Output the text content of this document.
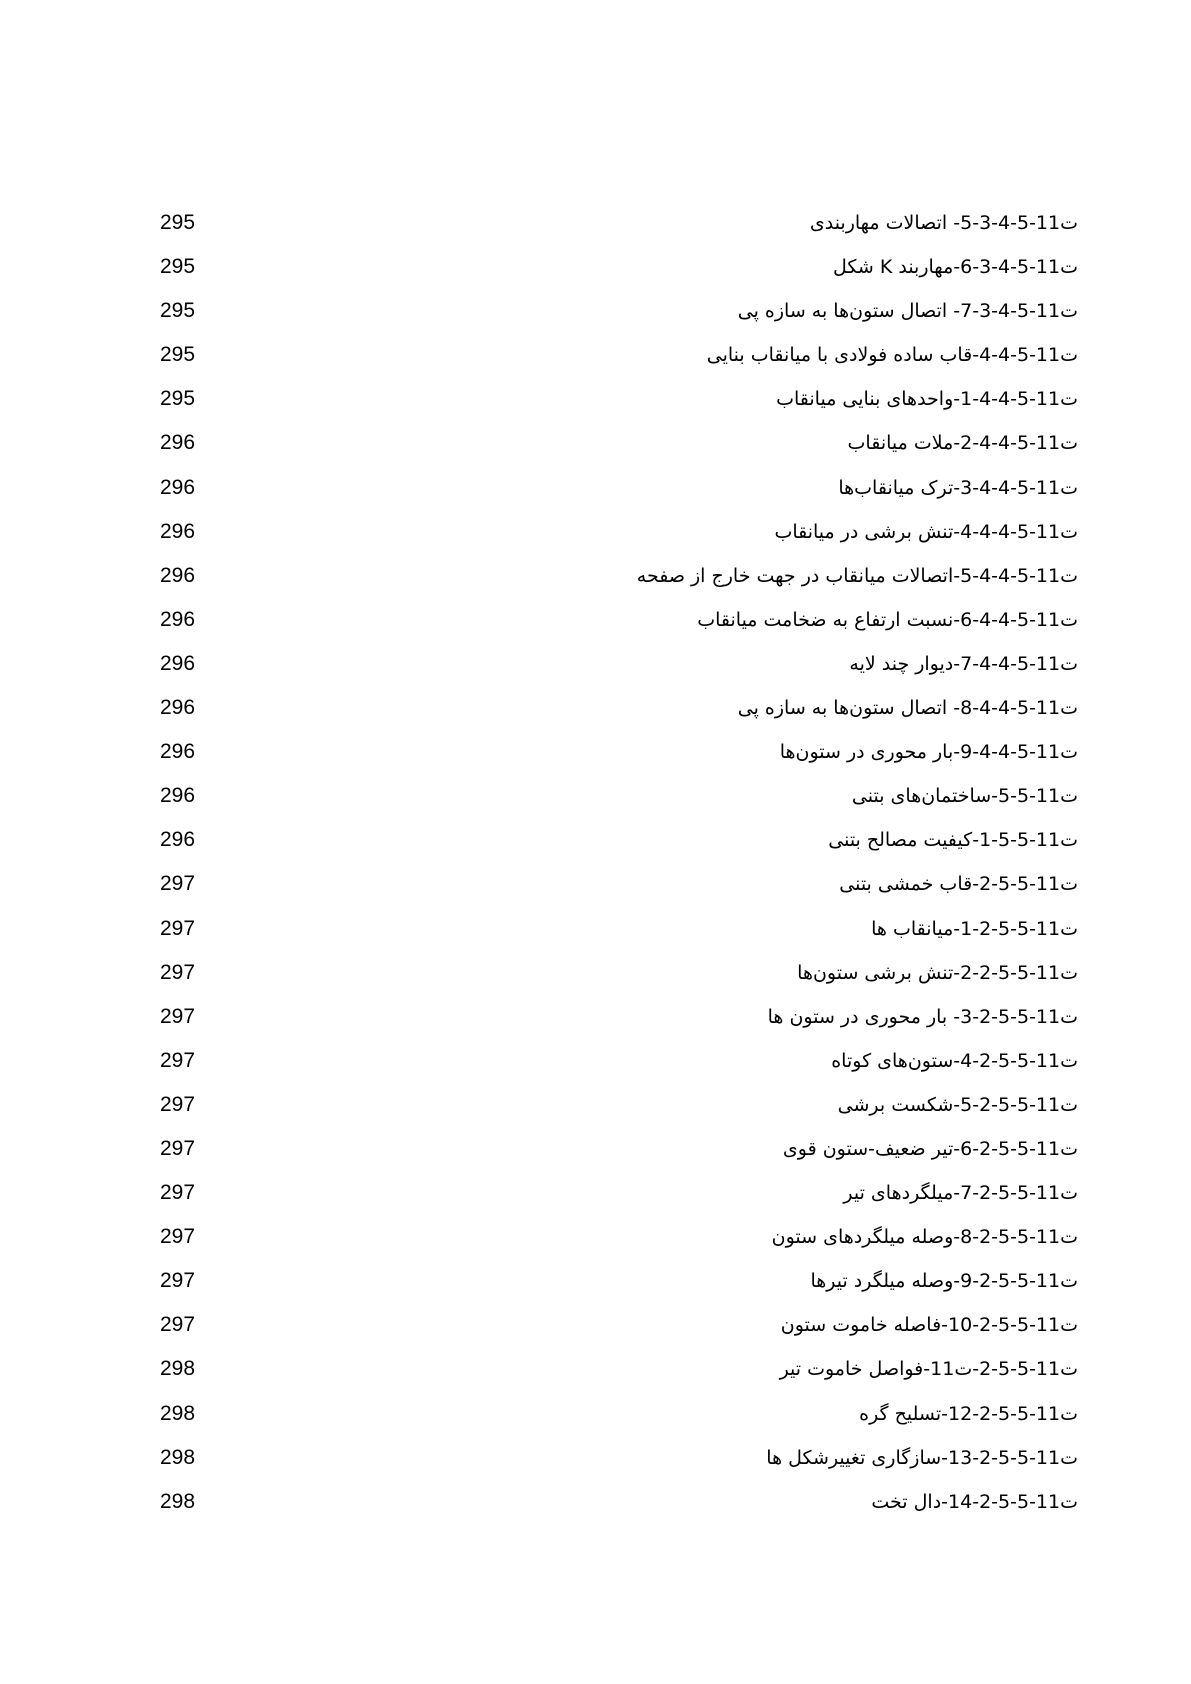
ت11-5-4-3-5- اتصالات مهاربندی
295
ت11-5-4-3-6-مهاربند K شکل
295
ت11-5-4-3-7- اتصال ستون‌ها به سازه پی
295
ت11-5-4-4-قاب ساده فولادی با میانقاب بنایی
295
ت11-5-4-4-1-واحدهای بنایی میانقاب
295
ت11-5-4-4-2-ملات میانقاب
296
ت11-5-4-4-3-ترک میانقاب‌ها
296
ت11-5-4-4-4-تنش برشی در میانقاب
296
ت11-5-4-4-5-اتصالات میانقاب در جهت خارج از صفحه
296
ت11-5-4-4-6-نسبت ارتفاع به ضخامت میانقاب
296
ت11-5-4-4-7-دیوار چند لایه
296
ت11-5-4-4-8- اتصال ستون‌ها به سازه پی
296
ت11-5-4-4-9-بار محوری در ستون‌ها
296
ت11-5-5-ساختمان‌های بتنی
296
ت11-5-5-1-کیفیت مصالح بتنی
296
ت11-5-5-2-قاب خمشی بتنی
297
ت11-5-5-2-1-میانقاب ها
297
ت11-5-5-2-2-تنش برشی ستون‌ها
297
ت11-5-5-2-3- بار محوری در ستون ها
297
ت11-5-5-2-4-ستون‌های کوتاه
297
ت11-5-5-2-5-شکست برشی
297
ت11-5-5-2-6-تیر ضعیف-ستون قوی
297
ت11-5-5-2-7-میلگردهای تیر
297
ت11-5-5-2-8-وصله میلگردهای ستون
297
ت11-5-5-2-9-وصله میلگرد تیرها
297
ت11-5-5-2-10-فاصله خاموت ستون
297
ت11-5-5-2-ت11-فواصل خاموت تیر
298
ت11-5-5-2-12-تسلیح گره
298
ت11-5-5-2-13-سازگاری تغییرشکل ها
298
ت11-5-5-2-14-دال تخت
298
